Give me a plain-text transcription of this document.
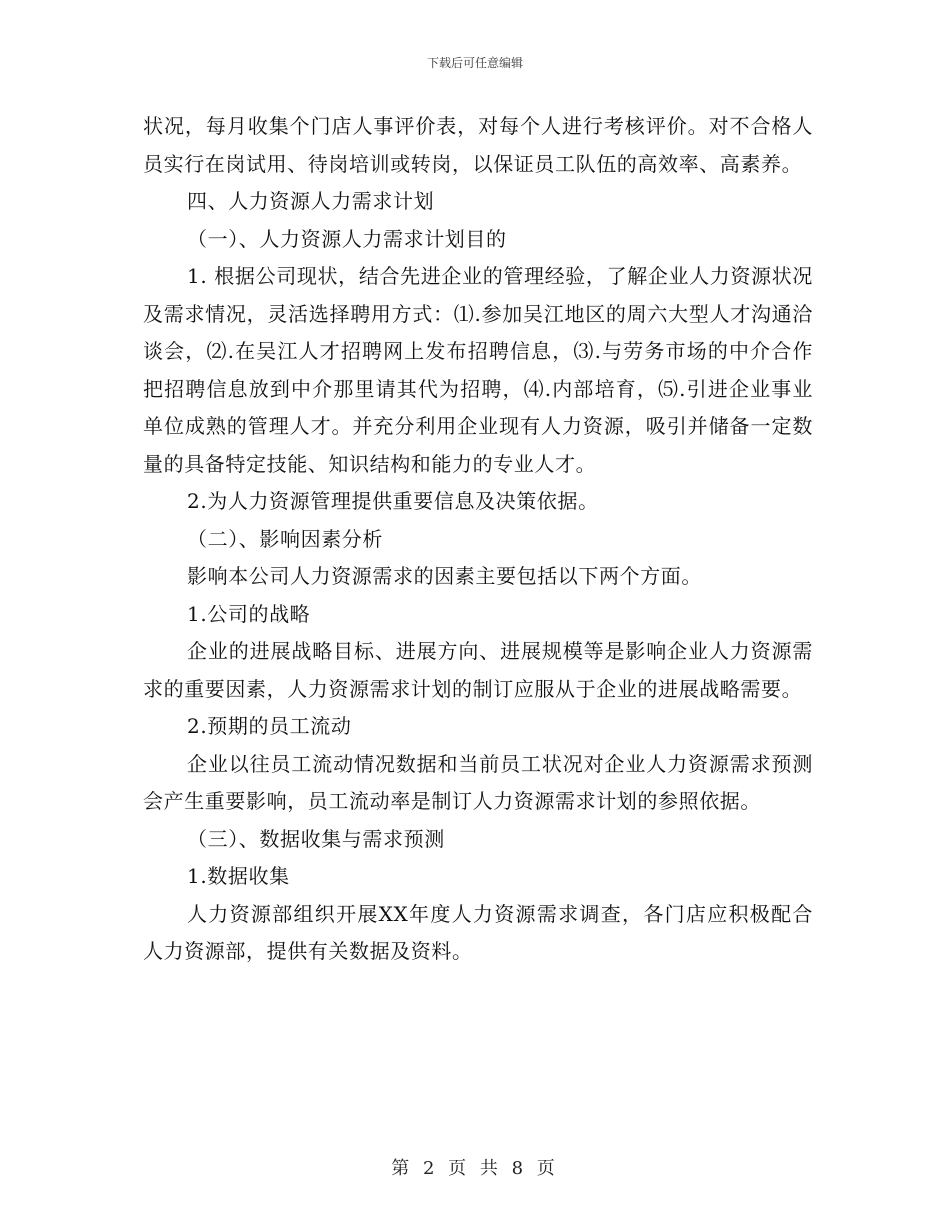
下载后可任意编辑

状况，每月收集个门店人事评价表，对每个人进行考核评价。对不合格人员实行在岗试用、待岗培训或转岗，以保证员工队伍的高效率、高素养。

四、人力资源人力需求计划

（一）、人力资源人力需求计划目的

1. 根据公司现状，结合先进企业的管理经验，了解企业人力资源状况及需求情况，灵活选择聘用方式：⑴.参加吴江地区的周六大型人才沟通洽谈会，⑵.在吴江人才招聘网上发布招聘信息，⑶.与劳务市场的中介合作把招聘信息放到中介那里请其代为招聘，⑷.内部培育，⑸.引进企业事业单位成熟的管理人才。并充分利用企业现有人力资源，吸引并储备一定数量的具备特定技能、知识结构和能力的专业人才。

2.为人力资源管理提供重要信息及决策依据。

（二）、影响因素分析

影响本公司人力资源需求的因素主要包括以下两个方面。

1.公司的战略

企业的进展战略目标、进展方向、进展规模等是影响企业人力资源需求的重要因素，人力资源需求计划的制订应服从于企业的进展战略需要。

2.预期的员工流动

企业以往员工流动情况数据和当前员工状况对企业人力资源需求预测会产生重要影响，员工流动率是制订人力资源需求计划的参照依据。

（三）、数据收集与需求预测

1.数据收集

人力资源部组织开展XX年度人力资源需求调查，各门店应积极配合人力资源部，提供有关数据及资料。

第 2 页 共 8 页
